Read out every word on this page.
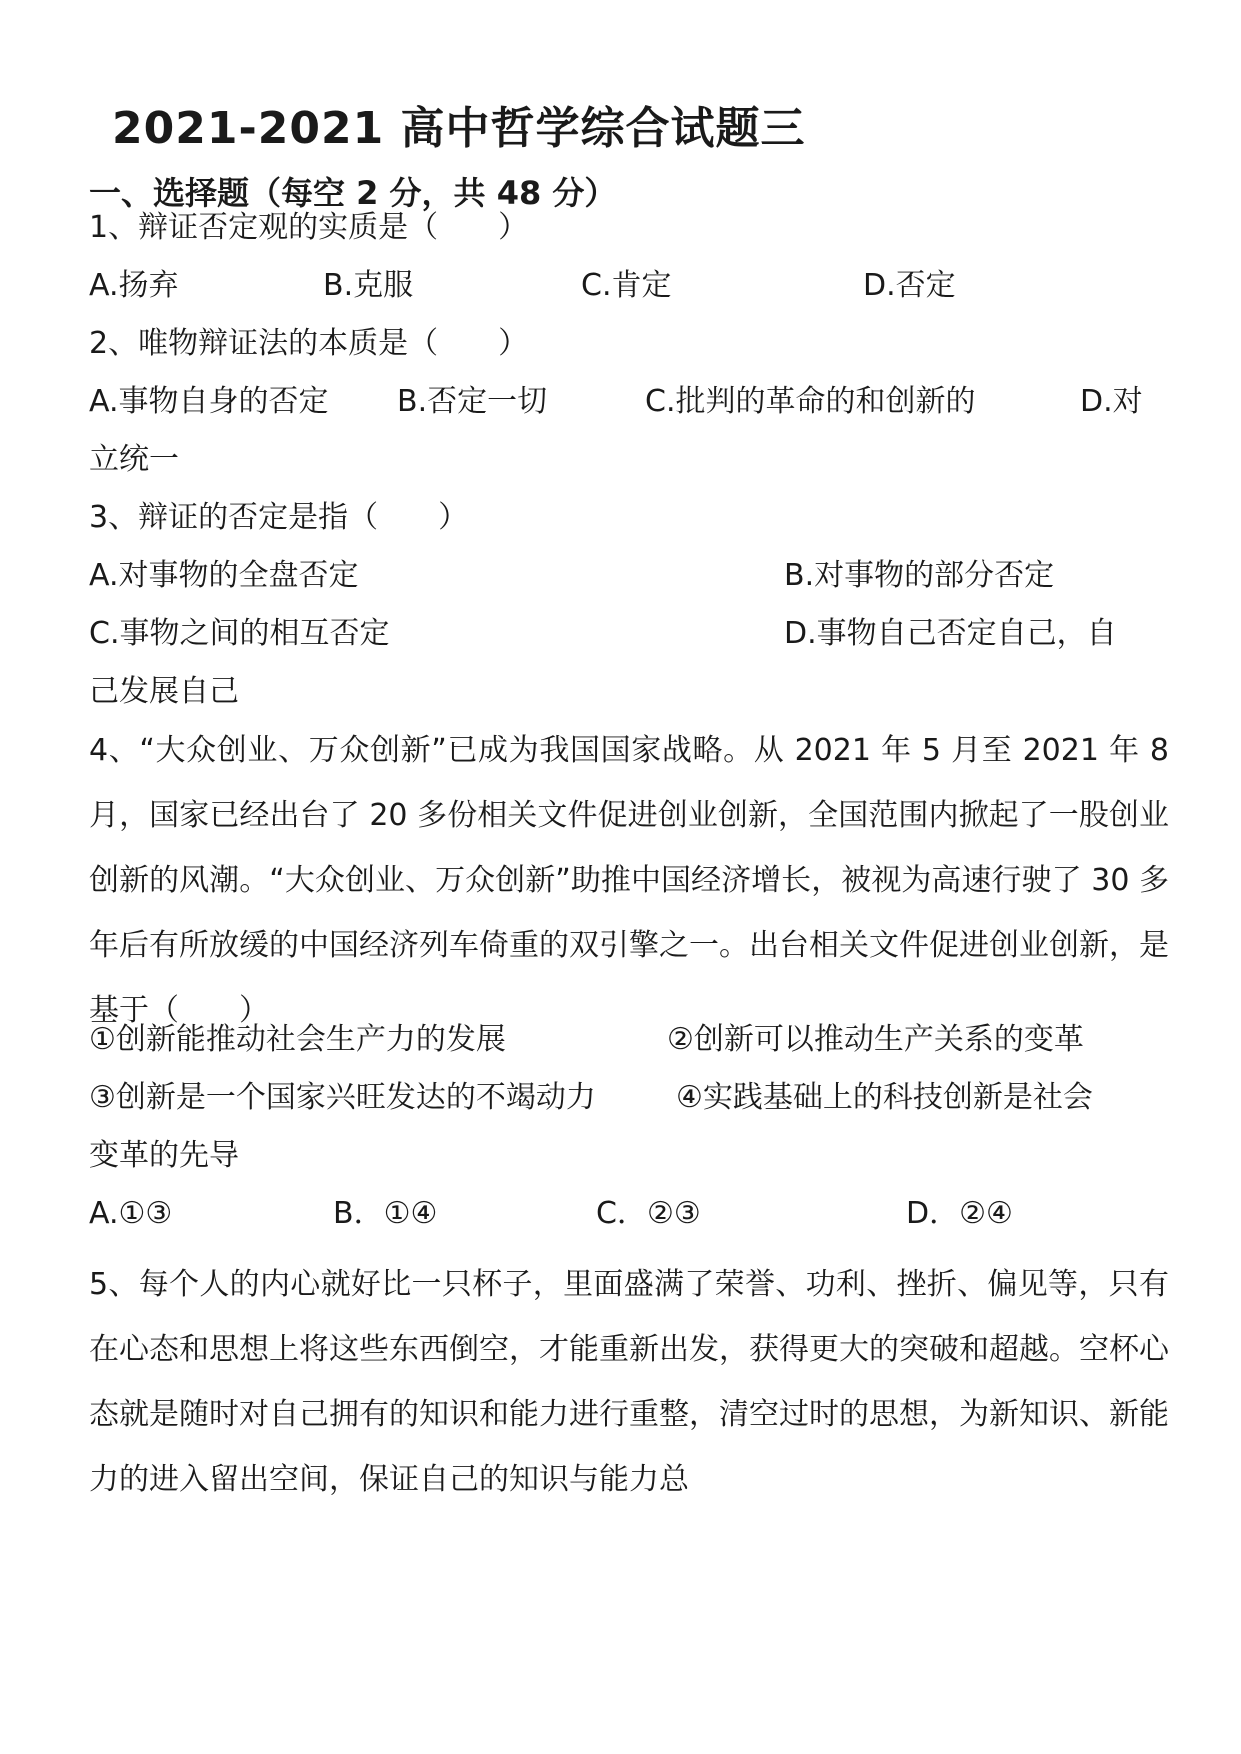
2021-2021 高中哲学综合试题三
一、选择题（每空 2 分，共 48 分）
1、辩证否定观的实质是（　　）
A.扬弃	B.克服	C.肯定	D.否定
2、唯物辩证法的本质是（　　）
A.事物自身的否定 B.否定一切	C.批判的革命的和创新的	D.对
立统一
3、辩证的否定是指（　　）
A.对事物的全盘否定	B.对事物的部分否定
C.事物之间的相互否定	D.事物自己否定自己，自
己发展自己
4、“大众创业、万众创新”已成为我国国家战略。从 2021 年 5 月至 2021 年 8 月，国家已经出台了 20 多份相关文件促进创业创新，全国范围内掀起了一股创业创新的风潮。“大众创业、万众创新”助推中国经济增长，被视为高速行驶了 30 多年后有所放缓的中国经济列车倚重的双引擎之一。出台相关文件促进创业创新，是基于（　　）
①创新能推动社会生产力的发展	②创新可以推动生产关系的变革
③创新是一个国家兴旺发达的不竭动力	④实践基础上的科技创新是社会
变革的先导
A.①③	B．①④	C．②③	D．②④
5、每个人的内心就好比一只杯子，里面盛满了荣誉、功利、挫折、偏见等，只有在心态和思想上将这些东西倒空，才能重新出发，获得更大的突破和超越。空杯心态就是随时对自己拥有的知识和能力进行重整，清空过时的思想，为新知识、新能力的进入留出空间，保证自己的知识与能力总
